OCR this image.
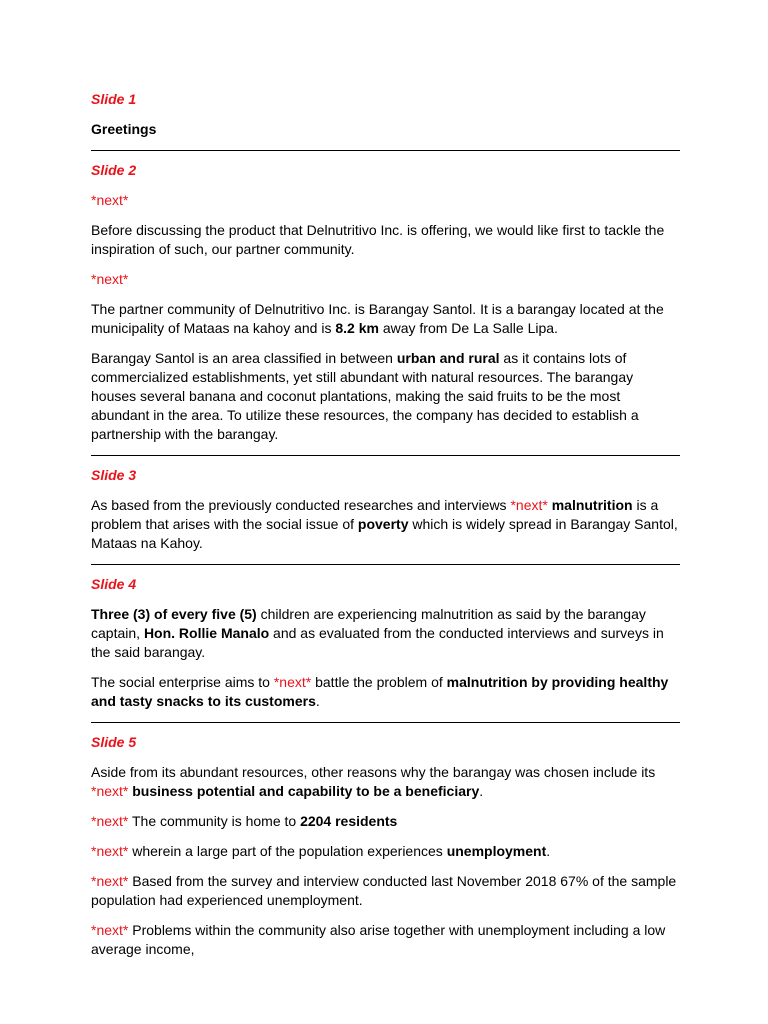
Slide 1

Greetings

Slide 2

*next*

Before discussing the product that Delnutritivo Inc. is offering, we would like first to tackle the inspiration of such, our partner community.

*next*

The partner community of Delnutritivo Inc. is Barangay Santol. It is a barangay located at the municipality of Mataas na kahoy and is 8.2 km away from De La Salle Lipa.

Barangay Santol is an area classified in between urban and rural as it contains lots of commercialized establishments, yet still abundant with natural resources. The barangay houses several banana and coconut plantations, making the said fruits to be the most abundant in the area. To utilize these resources, the company has decided to establish a partnership with the barangay.

Slide 3

As based from the previously conducted researches and interviews *next* malnutrition is a problem that arises with the social issue of poverty which is widely spread in Barangay Santol, Mataas na Kahoy.

Slide 4

Three (3) of every five (5) children are experiencing malnutrition as said by the barangay captain, Hon. Rollie Manalo and as evaluated from the conducted interviews and surveys in the said barangay.

The social enterprise aims to *next* battle the problem of malnutrition by providing healthy and tasty snacks to its customers.

Slide 5

Aside from its abundant resources, other reasons why the barangay was chosen include its *next* business potential and capability to be a beneficiary.

*next* The community is home to 2204 residents

*next* wherein a large part of the population experiences unemployment.

*next* Based from the survey and interview conducted last November 2018 67% of the sample population had experienced unemployment.

*next* Problems within the community also arise together with unemployment including a low average income,
